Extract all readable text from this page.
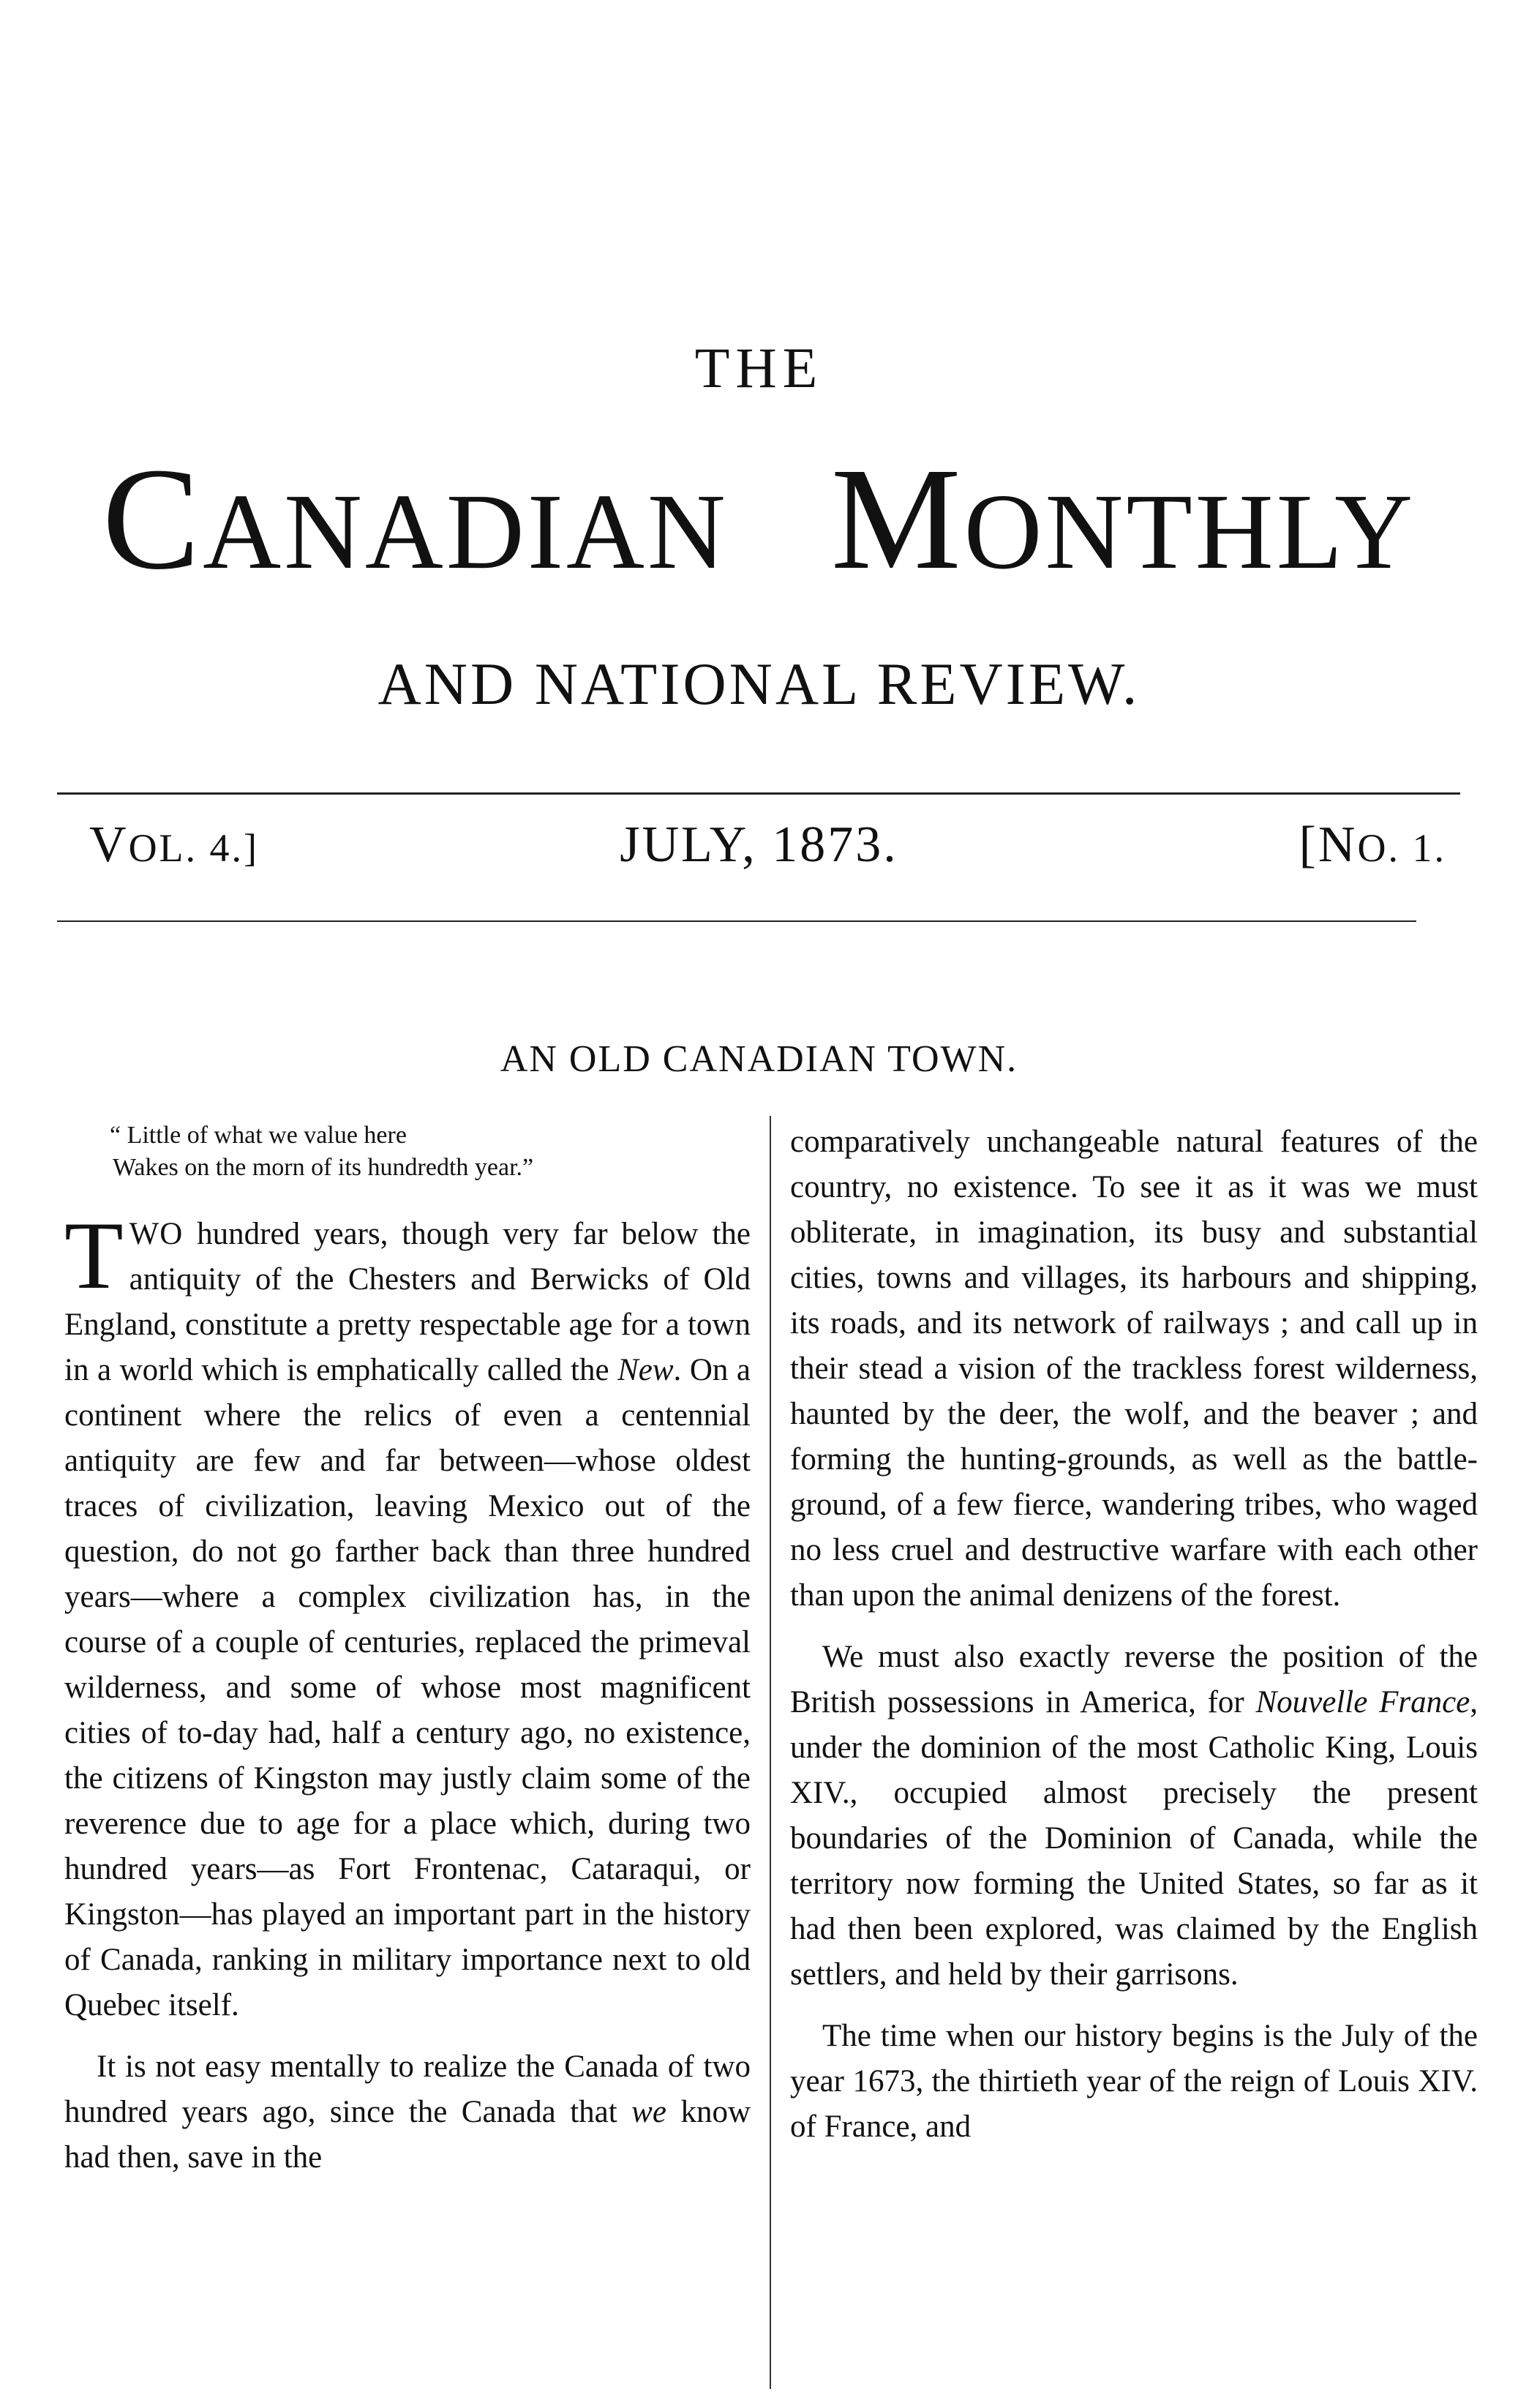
THE
CANADIAN MONTHLY
AND NATIONAL REVIEW.
VOL. 4.]	JULY, 1873.	[NO. 1.
AN OLD CANADIAN TOWN.
“ Little of what we value here
Wakes on the morn of its hundredth year.”

TWO hundred years, though very far below the antiquity of the Chesters and Berwicks of Old England, constitute a pretty respectable age for a town in a world which is emphatically called the New. On a continent where the relics of even a centennial antiquity are few and far between—whose oldest traces of civilization, leaving Mexico out of the question, do not go farther back than three hundred years—where a complex civilization has, in the course of a couple of centuries, replaced the primeval wilderness, and some of whose most magnificent cities of to-day had, half a century ago, no existence, the citizens of Kingston may justly claim some of the reverence due to age for a place which, during two hundred years—as Fort Frontenac, Cataraqui, or Kingston—has played an important part in the history of Canada, ranking in military importance next to old Quebec itself.

It is not easy mentally to realize the Canada of two hundred years ago, since the Canada that we know had then, save in the

comparatively unchangeable natural features of the country, no existence. To see it as it was we must obliterate, in imagination, its busy and substantial cities, towns and villages, its harbours and shipping, its roads, and its network of railways ; and call up in their stead a vision of the trackless forest wilderness, haunted by the deer, the wolf, and the beaver ; and forming the hunting-grounds, as well as the battle-ground, of a few fierce, wandering tribes, who waged no less cruel and destructive warfare with each other than upon the animal denizens of the forest.

We must also exactly reverse the position of the British possessions in America, for Nouvelle France, under the dominion of the most Catholic King, Louis XIV., occupied almost precisely the present boundaries of the Dominion of Canada, while the territory now forming the United States, so far as it had then been explored, was claimed by the English settlers, and held by their garrisons.

The time when our history begins is the July of the year 1673, the thirtieth year of the reign of Louis XIV. of France, and
